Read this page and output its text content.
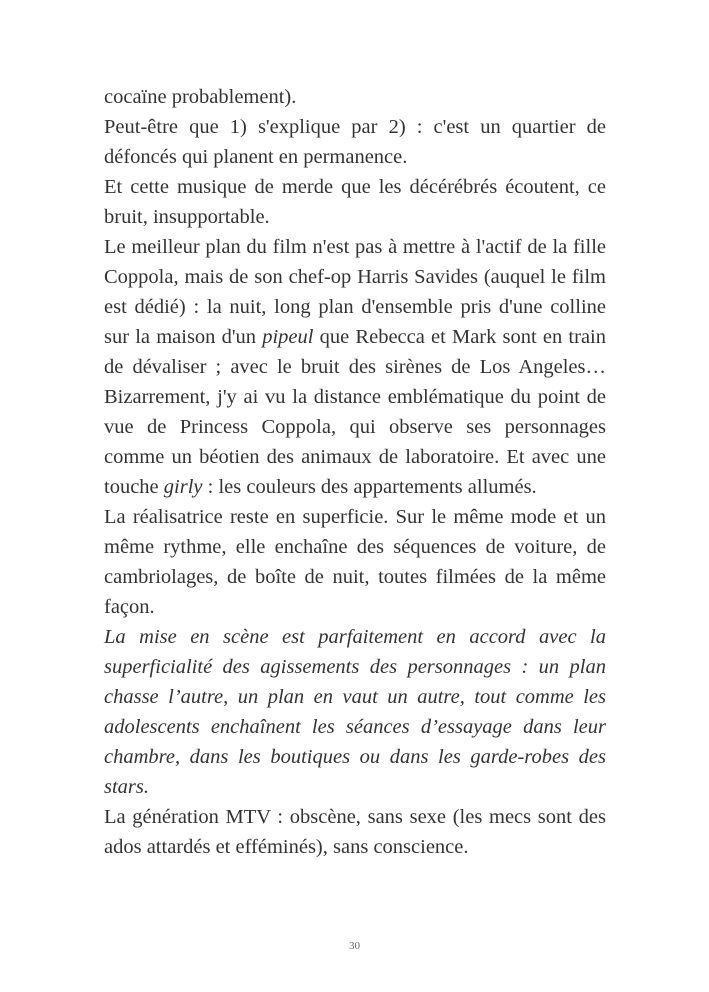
cocaïne probablement).

Peut-être que 1) s'explique par 2) : c'est un quartier de défoncés qui planent en permanence.

Et cette musique de merde que les décérébrés écoutent, ce bruit, insupportable.

Le meilleur plan du film n'est pas à mettre à l'actif de la fille Coppola, mais de son chef-op Harris Savides (auquel le film est dédié) : la nuit, long plan d'ensemble pris d'une colline sur la maison d'un pipeul que Rebecca et Mark sont en train de dévaliser ; avec le bruit des sirènes de Los Angeles… Bizarrement, j'y ai vu la distance emblématique du point de vue de Princess Coppola, qui observe ses personnages comme un béotien des animaux de laboratoire. Et avec une touche girly : les couleurs des appartements allumés.

La réalisatrice reste en superficie. Sur le même mode et un même rythme, elle enchaîne des séquences de voiture, de cambriolages, de boîte de nuit, toutes filmées de la même façon.

La mise en scène est parfaitement en accord avec la superficialité des agissements des personnages : un plan chasse l’autre, un plan en vaut un autre, tout comme les adolescents enchaînent les séances d’essayage dans leur chambre, dans les boutiques ou dans les garde-robes des stars.

La génération MTV : obscène, sans sexe (les mecs sont des ados attardés et efféminés), sans conscience.

30
